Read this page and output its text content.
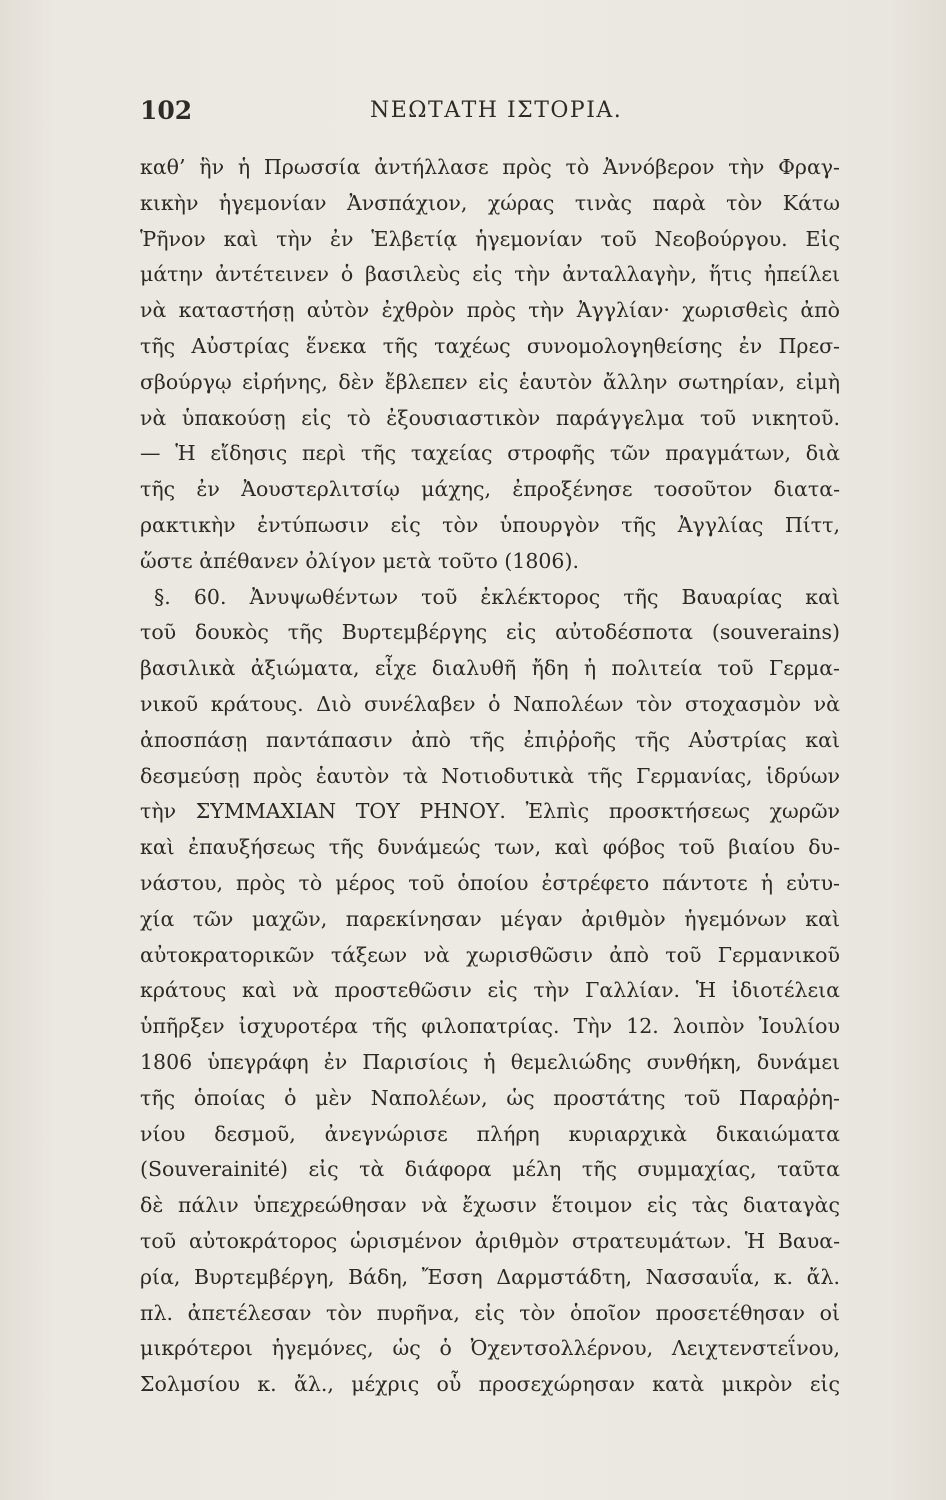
102	ΝΕΩΤΑΤΗ ΙΣΤΟΡΙΑ.
καθ’ ἣν ἡ Πρωσσία ἀντήλλασε πρὸς τὸ Ἀννόβερον τὴν Φραγ-
κικὴν ἡγεμονίαν Ἀνσπάχιον, χώρας τινὰς παρὰ τὸν Κάτω
Ῥῆνον καὶ τὴν ἐν Ἑλβετίᾳ ἡγεμονίαν τοῦ Νεοβούργου. Εἰς
μάτην ἀντέτεινεν ὁ βασιλεὺς εἰς τὴν ἀνταλλαγὴν, ἥτις ἠπείλει
νὰ καταστήσῃ αὐτὸν ἐχθρὸν πρὸς τὴν Ἀγγλίαν· χωρισθεὶς ἀπὸ
τῆς Αὐστρίας ἕνεκα τῆς ταχέως συνομολογηθείσης ἐν Πρεσ-
σβούργῳ εἰρήνης, δὲν ἔβλεπεν εἰς ἑαυτὸν ἄλλην σωτηρίαν, εἰμὴ
νὰ ὑπακούσῃ εἰς τὸ ἐξουσιαστικὸν παράγγελμα τοῦ νικητοῦ.
— Ἡ εἴδησις περὶ τῆς ταχείας στροφῆς τῶν πραγμάτων, διὰ
τῆς ἐν Ἀουστερλιτσίῳ μάχης, ἐπροξένησε τοσοῦτον διατα-
ρακτικὴν ἐντύπωσιν εἰς τὸν ὑπουργὸν τῆς Ἀγγλίας Πίττ,
ὥστε ἀπέθανεν ὀλίγον μετὰ τοῦτο (1806).
§. 60. Ἀνυψωθέντων τοῦ ἐκλέκτορος τῆς Βαυαρίας καὶ
τοῦ δουκὸς τῆς Βυρτεμβέργης εἰς αὐτοδέσποτα (souverains)
βασιλικὰ ἀξιώματα, εἶχε διαλυθῆ ἤδη ἡ πολιτεία τοῦ Γερμα-
νικοῦ κράτους. Διὸ συνέλαβεν ὁ Ναπολέων τὸν στοχασμὸν νὰ
ἀποσπάσῃ παντάπασιν ἀπὸ τῆς ἐπιῤῥοῆς τῆς Αὐστρίας καὶ
δεσμεύσῃ πρὸς ἑαυτὸν τὰ Νοτιοδυτικὰ τῆς Γερμανίας, ἱδρύων
τὴν ΣΥΜΜΑΧΙΑΝ ΤΟΥ ΡΗΝΟΥ. Ἐλπὶς προσκτήσεως χωρῶν
καὶ ἐπαυξήσεως τῆς δυνάμεώς των, καὶ φόβος τοῦ βιαίου δυ-
νάστου, πρὸς τὸ μέρος τοῦ ὁποίου ἐστρέφετο πάντοτε ἡ εὐτυ-
χία τῶν μαχῶν, παρεκίνησαν μέγαν ἀριθμὸν ἡγεμόνων καὶ
αὐτοκρατορικῶν τάξεων νὰ χωρισθῶσιν ἀπὸ τοῦ Γερμανικοῦ
κράτους καὶ νὰ προστεθῶσιν εἰς τὴν Γαλλίαν. Ἡ ἰδιοτέλεια
ὑπῆρξεν ἰσχυροτέρα τῆς φιλοπατρίας. Τὴν 12. λοιπὸν Ἰουλίου
1806 ὑπεγράφη ἐν Παρισίοις ἡ θεμελιώδης συνθήκη, δυνάμει
τῆς ὁποίας ὁ μὲν Ναπολέων, ὡς προστάτης τοῦ Παραῤῥη-
νίου δεσμοῦ, ἀνεγνώρισε πλήρη κυριαρχικὰ δικαιώματα
(Souverainité) εἰς τὰ διάφορα μέλη τῆς συμμαχίας, ταῦτα
δὲ πάλιν ὑπεχρεώθησαν νὰ ἔχωσιν ἕτοιμον εἰς τὰς διαταγὰς
τοῦ αὐτοκράτορος ὡρισμένον ἀριθμὸν στρατευμάτων. Ἡ Βαυα-
ρία, Βυρτεμβέργη, Βάδη, Ἔσση Δαρμστάδτη, Νασσαυΐα, κ. ἄλ.
πλ. ἀπετέλεσαν τὸν πυρῆνα, εἰς τὸν ὁποῖον προσετέθησαν οἱ
μικρότεροι ἡγεμόνες, ὡς ὁ Ὀχεντσολλέρνου, Λειχτενστεΐνου,
Σολμσίου κ. ἄλ., μέχρις οὗ προσεχώρησαν κατὰ μικρὸν εἰς
